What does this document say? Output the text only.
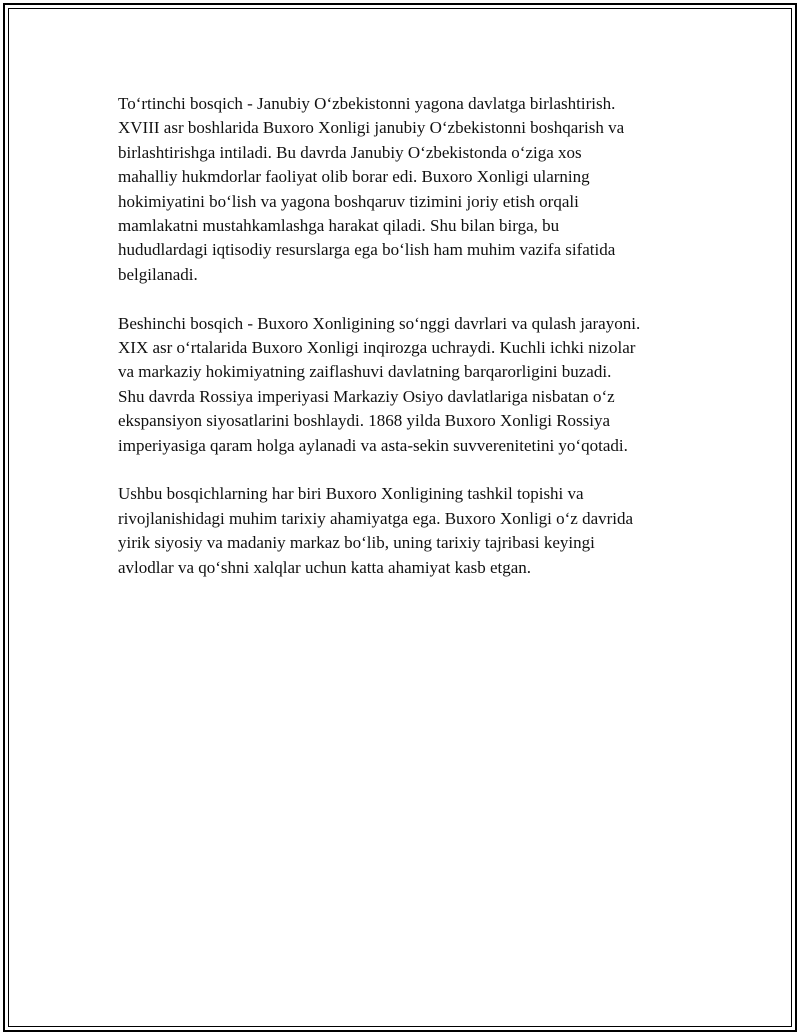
To‘rtinchi bosqich - Janubiy O‘zbekistonni yagona davlatga birlashtirish.
XVIII asr boshlarida Buxoro Xonligi janubiy O‘zbekistonni boshqarish va
birlashtirishga intiladi. Bu davrda Janubiy O‘zbekistonda o‘ziga xos
mahalliy hukmdorlar faoliyat olib borar edi. Buxoro Xonligi ularning
hokimiyatini bo‘lish va yagona boshqaruv tizimini joriy etish orqali
mamlakatni mustahkamlashga harakat qiladi. Shu bilan birga, bu
hududlardagi iqtisodiy resurslarga ega bo‘lish ham muhim vazifa sifatida
belgilanadi.

Beshinchi bosqich - Buxoro Xonligining so‘nggi davrlari va qulash jarayoni.
XIX asr o‘rtalarida Buxoro Xonligi inqirozga uchraydi. Kuchli ichki nizolar
va markaziy hokimiyatning zaiflashuvi davlatning barqarorligini buzadi.
Shu davrda Rossiya imperiyasi Markaziy Osiyo davlatlariga nisbatan o‘z
ekspansiyon siyosatlarini boshlaydi. 1868 yilda Buxoro Xonligi Rossiya
imperiyasiga qaram holga aylanadi va asta-sekin suvverenitetini yo‘qotadi.

Ushbu bosqichlarning har biri Buxoro Xonligining tashkil topishi va
rivojlanishidagi muhim tarixiy ahamiyatga ega. Buxoro Xonligi o‘z davrida
yirik siyosiy va madaniy markaz bo‘lib, uning tarixiy tajribasi keyingi
avlodlar va qo‘shni xalqlar uchun katta ahamiyat kasb etgan.
